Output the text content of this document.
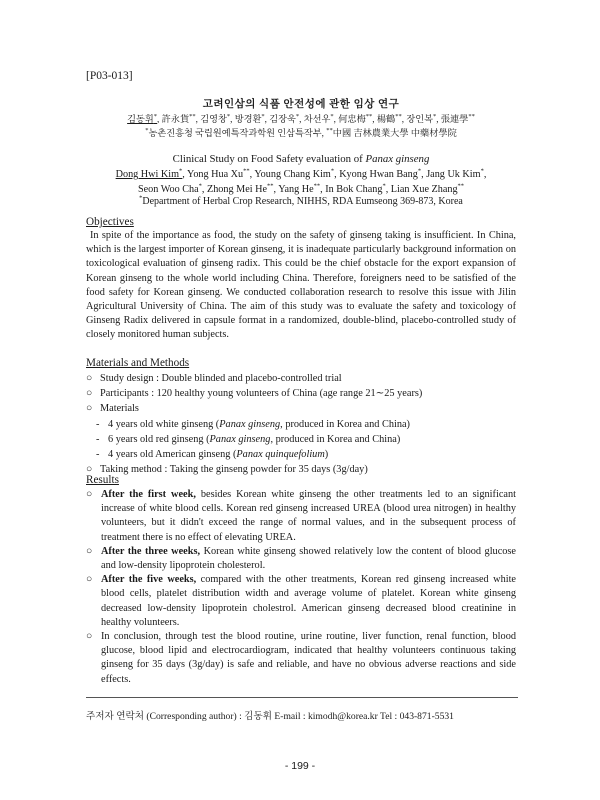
[P03-013]
고려인삼의 식품 안전성에 관한 임상 연구
김동휘*, 許永貨**, 김영창*, 방경환*, 김장욱*, 차선우*, 何忠梅**, 楊鶴**, 장인복*, 張連學**
*농촌진흥청 국립원예특작과학원 인삼특작부, **中國 吉林農業大學 中藥材學院
Clinical Study on Food Safety evaluation of Panax ginseng
Dong Hwi Kim*, Yong Hua Xu**, Young Chang Kim*, Kyong Hwan Bang*, Jang Uk Kim*,
Seon Woo Cha*, Zhong Mei He**, Yang He**, In Bok Chang*, Lian Xue Zhang**
*Department of Herbal Crop Research, NIHHS, RDA Eumseong 369-873, Korea
Objectives
In spite of the importance as food, the study on the safety of ginseng taking is insufficient. In China, which is the largest importer of Korean ginseng, it is inadequate particularly background information on toxicological evaluation of ginseng radix. This could be the chief obstacle for the export expansion of Korean ginseng to the whole world including China. Therefore, foreigners need to be satisfied of the food safety for Korean ginseng. We conducted collaboration research to resolve this issue with Jilin Agricultural University of China. The aim of this study was to evaluate the safety and toxicology of Ginseng Radix delivered in capsule format in a randomized, double-blind, placebo-controlled study of closely monitored human subjects.
Materials and Methods
○ Study design : Double blinded and placebo-controlled trial
○ Participants : 120 healthy young volunteers of China (age range 21∼25 years)
○ Materials
- 4 years old white ginseng (Panax ginseng, produced in Korea and China)
- 6 years old red ginseng (Panax ginseng, produced in Korea and China)
- 4 years old American ginseng (Panax quinquefolium)
○ Taking method : Taking the ginseng powder for 35 days (3g/day)
Results
○ After the first week, besides Korean white ginseng the other treatments led to an significant increase of white blood cells. Korean red ginseng increased UREA (blood urea nitrogen) in healthy volunteers, but it didn't exceed the range of normal values, and in the subsequent process of treatment there is no effect of elevating UREA.
○ After the three weeks, Korean white ginseng showed relatively low the content of blood glucose and low-density lipoprotein cholesterol.
○ After the five weeks, compared with the other treatments, Korean red ginseng increased white blood cells, platelet distribution width and average volume of platelet. Korean white ginseng decreased low-density lipoprotein cholestrol. American ginseng decreased blood creatinine in healthy volunteers.
○ In conclusion, through test the blood routine, urine routine, liver function, renal function, blood glucose, blood lipid and electrocardiogram, indicated that healthy volunteers continuous taking ginseng for 35 days (3g/day) is safe and reliable, and have no obvious adverse reactions and side effects.
주저자 연락처 (Corresponding author) : 김동휘 E-mail : kimodh@korea.kr Tel : 043-871-5531
- 199 -
